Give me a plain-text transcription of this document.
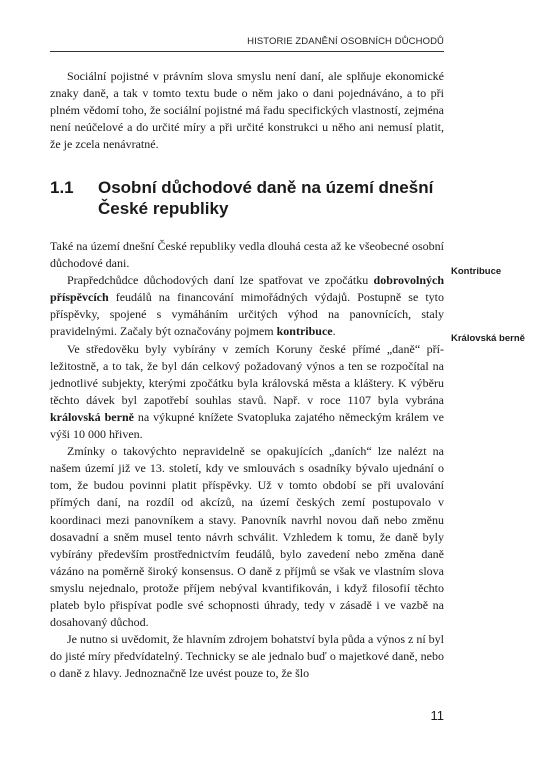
HISTORIE ZDANĚNÍ OSOBNÍCH DŮCHODŮ

Sociální pojistné v právním slova smyslu není daní, ale splňuje ekonomické znaky daně, a tak v tomto textu bude o něm jako o dani pojednáváno, a to při plném vědomí toho, že sociální pojistné má řadu specifických vlastností, zejména není neúčelové a do určité míry a při určité konstrukci u něho ani nemusí platit, že je zcela nenávratné.

1.1 Osobní důchodové daně na území dnešní České republiky

Také na území dnešní České republiky vedla dlouhá cesta až ke všeobecné osobní důchodové dani.

Prapředchůdce důchodových daní lze spatřovat ve zpočátku dobrovolných příspěvcích feudálů na financování mimořádných výdajů. Postupně se tyto příspěvky, spojené s vymáháním určitých výhod na panovnících, staly pravidelnými. Začaly být označovány pojmem kontribuce.

Ve středověku byly vybírány v zemích Koruny české přímé „daně“ příležitostně, a to tak, že byl dán celkový požadovaný výnos a ten se rozpočítal na jednotlivé subjekty, kterými zpočátku byla královská města a kláštery. K výběru těchto dávek byl zapotřebí souhlas stavů. Např. v roce 1107 byla vybrána královská berně na výkupné knížete Svatopluka zajatého německým králem ve výši 10 000 hřiven.

Zmínky o takovýchto nepravidelně se opakujících „daních“ lze nalézt na našem území již ve 13. století, kdy ve smlouvách s osadníky bývalo ujednání o tom, že budou povinni platit příspěvky. Už v tomto období se při uvalování přímých daní, na rozdíl od akcízů, na území českých zemí postupovalo v koordinaci mezi panovníkem a stavy. Panovník navrhl novou daň nebo změnu dosavadní a sněm musel tento návrh schválit. Vzhledem k tomu, že daně byly vybírány především prostřednictvím feudálů, bylo zavedení nebo změna daně vázáno na poměrně široký konsensus. O daně z příjmů se však ve vlastním slova smyslu nejednalo, protože příjem nebýval kvantifikován, i když filosofií těchto plateb bylo přispívat podle své schopnosti úhrady, tedy v zásadě i ve vazbě na dosahovaný důchod.

Je nutno si uvědomit, že hlavním zdrojem bohatství byla půda a výnos z ní byl do jisté míry předvídatelný. Technicky se ale jednalo buď o majetkové daně, nebo o daně z hlavy. Jednoznačně lze uvést pouze to, že šlo

Kontribuce
Královská berně
11
